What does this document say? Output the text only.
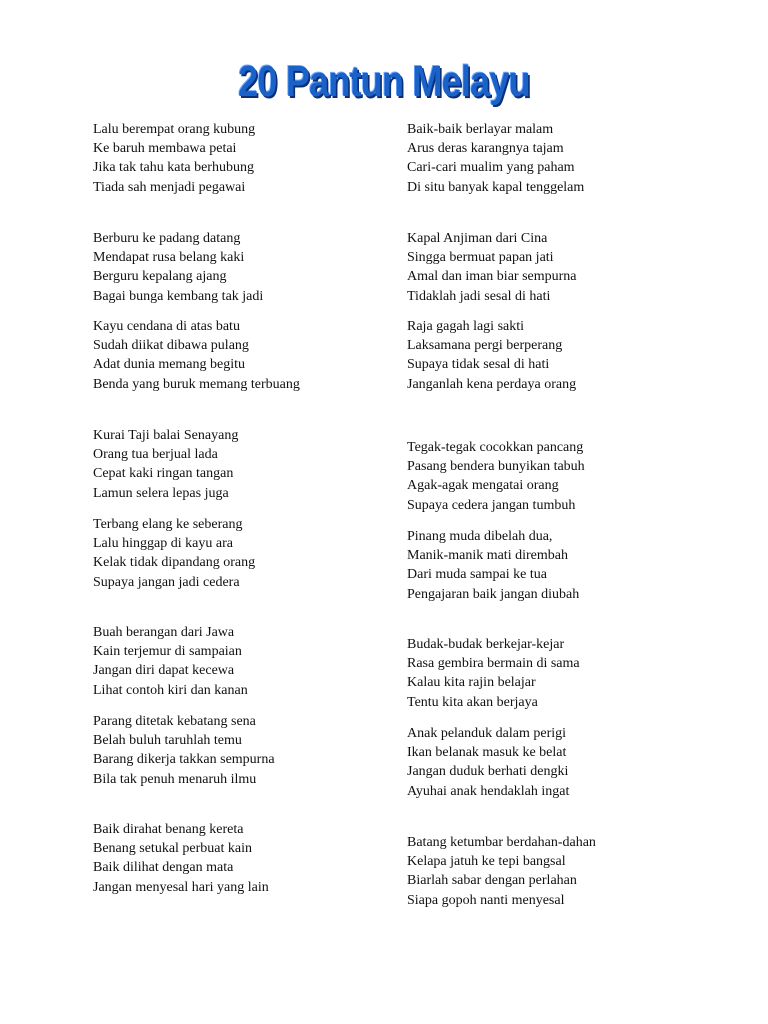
20 Pantun Melayu
Lalu berempat orang kubung
Ke baruh membawa petai
Jika tak tahu kata berhubung
Tiada sah menjadi pegawai
Berburu ke padang datang
Mendapat rusa belang kaki
Berguru kepalang ajang
Bagai bunga kembang tak jadi
Kayu cendana di atas batu
Sudah diikat dibawa pulang
Adat dunia memang begitu
Benda yang buruk memang terbuang
Kurai Taji balai Senayang
Orang tua berjual lada
Cepat kaki ringan tangan
Lamun selera lepas juga
Terbang elang ke seberang
Lalu hinggap di kayu ara
Kelak tidak dipandang orang
Supaya jangan jadi cedera
Buah berangan dari Jawa
Kain terjemur di sampaian
Jangan diri dapat kecewa
Lihat contoh kiri dan kanan
Parang ditetak kebatang sena
Belah buluh taruhlah temu
Barang dikerja takkan sempurna
Bila tak penuh menaruh ilmu
Baik dirahat benang kereta
Benang setukal perbuat kain
Baik dilihat dengan mata
Jangan menyesal hari yang lain
Baik-baik berlayar malam
Arus deras karangnya tajam
Cari-cari mualim yang paham
Di situ banyak kapal tenggelam
Kapal Anjiman dari Cina
Singga bermuat papan jati
Amal dan iman biar sempurna
Tidaklah jadi sesal di hati
Raja gagah lagi sakti
Laksamana pergi berperang
Supaya tidak sesal di hati
Janganlah kena perdaya orang
Tegak-tegak cocokkan pancang
Pasang bendera bunyikan tabuh
Agak-agak mengatai orang
Supaya cedera jangan tumbuh
Pinang muda dibelah dua,
Manik-manik mati dirembah
Dari muda sampai ke tua
Pengajaran baik jangan diubah
Budak-budak berkejar-kejar
Rasa gembira bermain di sama
Kalau kita rajin belajar
Tentu kita akan berjaya
Anak pelanduk dalam perigi
Ikan belanak masuk ke belat
Jangan duduk berhati dengki
Ayuhai anak hendaklah ingat
Batang ketumbar berdahan-dahan
Kelapa jatuh ke tepi bangsal
Biarlah sabar dengan perlahan
Siapa gopoh nanti menyesal
